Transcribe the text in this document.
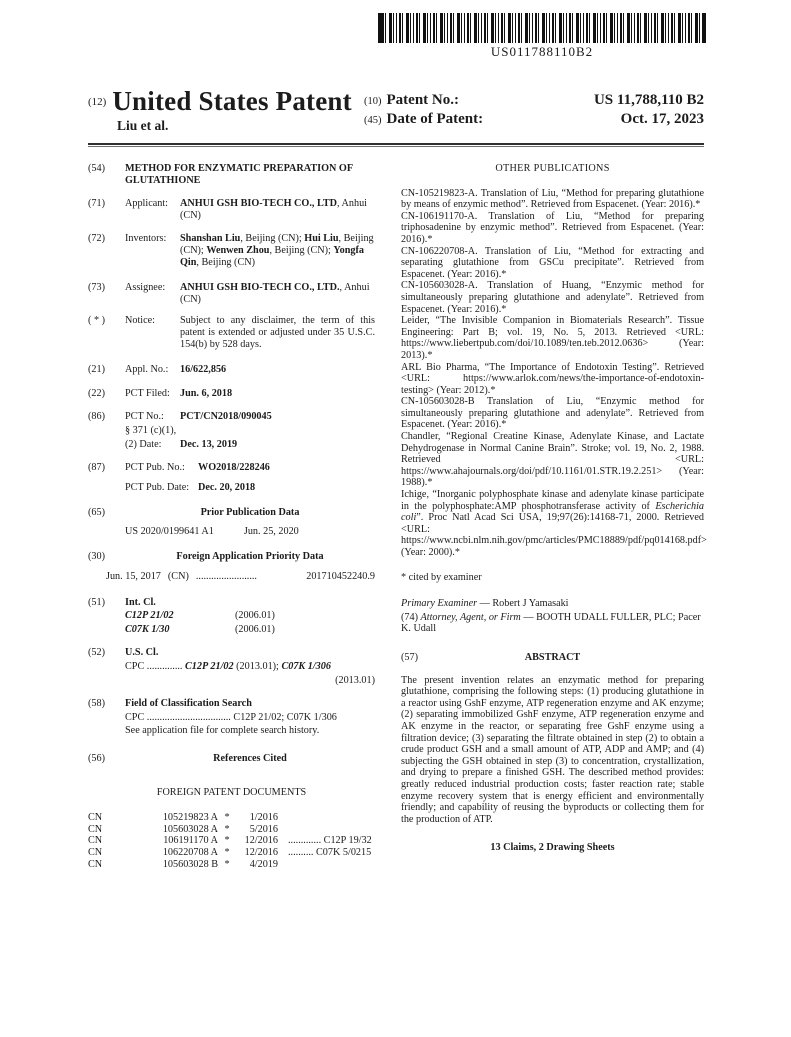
US011788110B2
$^{(12)}$ United States Patent
Liu et al.
(10) Patent No.:	US 11,788,110 B2
(45) Date of Patent:	Oct. 17, 2023
(54)	METHOD FOR ENZYMATIC PREPARATION OF GLUTATHIONE
(71)	Applicant:	ANHUI GSH BIO-TECH CO., LTD, Anhui (CN)
(72)	Inventors:	Shanshan Liu, Beijing (CN); Hui Liu, Beijing (CN); Wenwen Zhou, Beijing (CN); Yongfa Qin, Beijing (CN)
(73)	Assignee:	ANHUI GSH BIO-TECH CO., LTD., Anhui (CN)
( * )	Notice:	Subject to any disclaimer, the term of this patent is extended or adjusted under 35 U.S.C. 154(b) by 528 days.
(21)	Appl. No.:	16/622,856
(22)	PCT Filed: Jun. 6, 2018
(86)	PCT No.:	PCT/CN2018/090045
§ 371 (c)(1),
(2) Date:	Dec. 13, 2019
(87)	PCT Pub. No.:	WO2018/228246
PCT Pub. Date: Dec. 20, 2018
(65)	Prior Publication Data
US 2020/0199641 A1	Jun. 25, 2020
(30)	Foreign Application Priority Data
Jun. 15, 2017 (CN) ........................	201710452240.9
(51)	Int. Cl.
C12P 21/02	(2006.01)
C07K 1/30	(2006.01)
(52)	U.S. Cl.
CPC .............. C12P 21/02 (2013.01); C07K 1/306
(2013.01)
(58)	Field of Classification Search
CPC ................................. C12P 21/02; C07K 1/306
See application file for complete search history.
(56)	References Cited
FOREIGN PATENT DOCUMENTS
CN	105219823 A *	1/2016
CN	105603028 A *	5/2016
CN	106191170 A *	12/2016 ............. C12P 19/32
CN	106220708 A *	12/2016 .......... C07K 5/0215
CN	105603028 B *	4/2019
OTHER PUBLICATIONS

CN-105219823-A. Translation of Liu, “Method for preparing glutathione by means of enzymic method”. Retrieved from Espacenet. (Year: 2016).*

CN-106191170-A. Translation of Liu, “Method for preparing triphosadenine by enzymic method”. Retrieved from Espacenet. (Year: 2016).*

CN-106220708-A. Translation of Liu, “Method for extracting and separating glutathione from GSCu precipitate”. Retrieved from Espacenet. (Year: 2016).*

CN-105603028-A. Translation of Huang, “Enzymic method for simultaneously preparing glutathione and adenylate”. Retrieved from Espacenet. (Year: 2016).*

Leider, “The Invisible Companion in Biomaterials Research”. Tissue Engineering: Part B; vol. 19, No. 5, 2013. Retrieved <URL: https://www.liebertpub.com/doi/10.1089/ten.teb.2012.0636> (Year: 2013).*

ARL Bio Pharma, “The Importance of Endotoxin Testing”. Retrieved <URL: https://www.arlok.com/news/the-importance-of-endotoxin-testing> (Year: 2012).*

CN-105603028-B Translation of Liu, “Enzymic method for simultaneously preparing glutathione and adenylate”. Retrieved from Espacenet. (Year: 2016).*

Chandler, “Regional Creatine Kinase, Adenylate Kinase, and Lactate Dehydrogenase in Normal Canine Brain”. Stroke; vol. 19, No. 2, 1988. Retrieved <URL: https://www.ahajournals.org/doi/pdf/10.1161/01.STR.19.2.251> (Year: 1988).*

Ichige, “Inorganic polyphosphate kinase and adenylate kinase participate in the polyphosphate:AMP phosphotransferase activity of Escherichia coli”. Proc Natl Acad Sci USA, 19;97(26):14168-71, 2000. Retrieved <URL: https://www.ncbi.nlm.nih.gov/pmc/articles/PMC18889/pdf/pq014168.pdf> (Year: 2000).*

* cited by examiner
Primary Examiner — Robert J Yamasaki
(74) Attorney, Agent, or Firm — BOOTH UDALL FULLER, PLC; Pacer K. Udall
(57)	ABSTRACT

The present invention relates an enzymatic method for preparing glutathione, comprising the following steps: (1) producing glutathione in a reactor using GshF enzyme, ATP regeneration enzyme and AK enzyme; (2) separating immobilized GshF enzyme, ATP regeneration enzyme and AK enzyme in the reactor, or separating free GshF enzyme using a filtration device; (3) separating the filtrate obtained in step (2) to obtain a crude product GSH and a small amount of ATP, ADP and AMP; and (4) subjecting the GSH obtained in step (3) to concentration, crystallization, and drying to prepare a finished GSH. The described method provides: greatly reduced industrial production costs; faster reaction rate; stable enzyme recovery system that is energy efficient and environmentally friendly; and capability of reusing the byproducts or collecting them for the production of ATP.

13 Claims, 2 Drawing Sheets
